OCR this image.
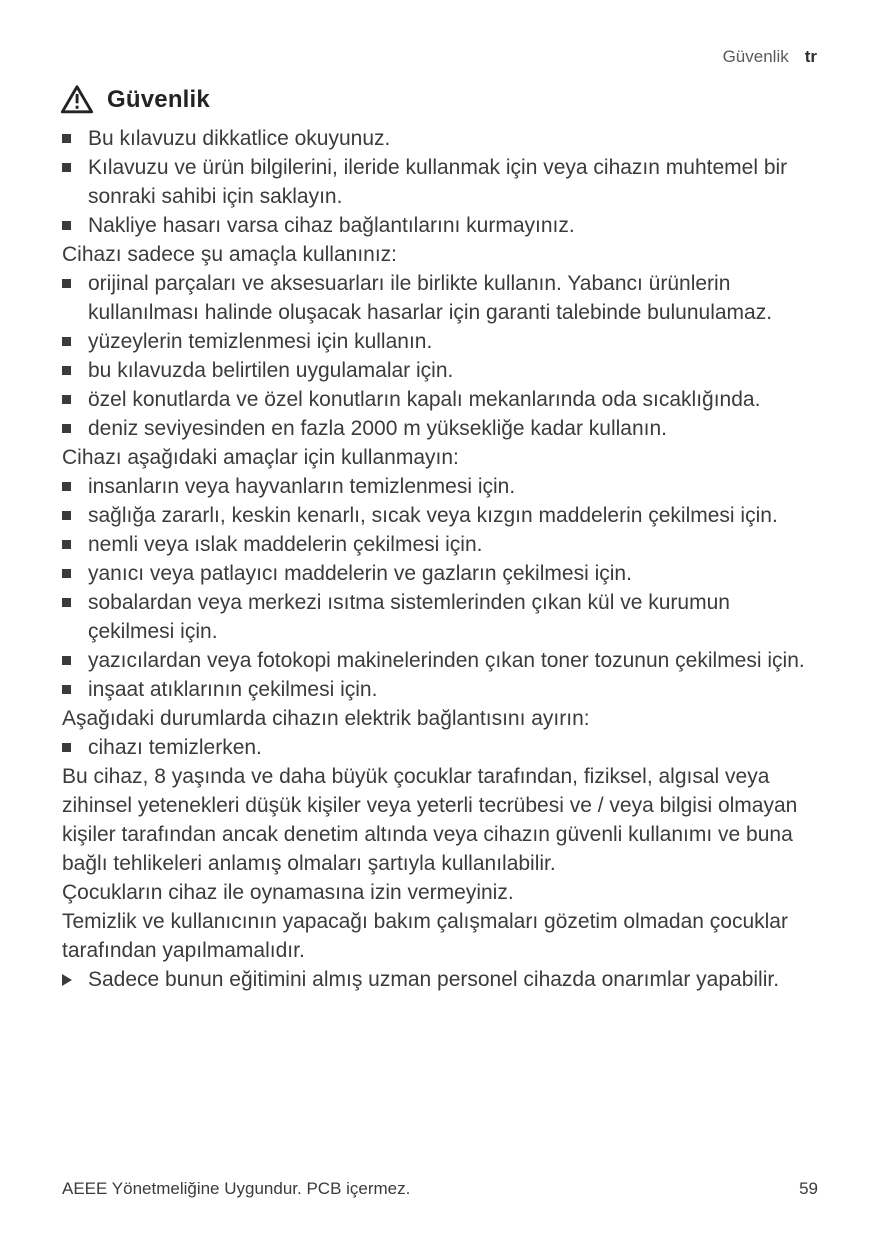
Güvenlik tr
Güvenlik
Bu kılavuzu dikkatlice okuyunuz.
Kılavuzu ve ürün bilgilerini, ileride kullanmak için veya cihazın muhtemel bir sonraki sahibi için saklayın.
Nakliye hasarı varsa cihaz bağlantılarını kurmayınız.
Cihazı sadece şu amaçla kullanınız:
orijinal parçaları ve aksesuarları ile birlikte kullanın. Yabancı ürünlerin kullanılması halinde oluşacak hasarlar için garanti talebinde bulunulamaz.
yüzeylerin temizlenmesi için kullanın.
bu kılavuzda belirtilen uygulamalar için.
özel konutlarda ve özel konutların kapalı mekanlarında oda sıcaklığında.
deniz seviyesinden en fazla 2000 m yüksekliğe kadar kullanın.
Cihazı aşağıdaki amaçlar için kullanmayın:
insanların veya hayvanların temizlenmesi için.
sağlığa zararlı, keskin kenarlı, sıcak veya kızgın maddelerin çekilmesi için.
nemli veya ıslak maddelerin çekilmesi için.
yanıcı veya patlayıcı maddelerin ve gazların çekilmesi için.
sobalardan veya merkezi ısıtma sistemlerinden çıkan kül ve kurumun çekilmesi için.
yazıcılardan veya fotokopi makinelerinden çıkan toner tozunun çekilmesi için.
inşaat atıklarının çekilmesi için.
Aşağıdaki durumlarda cihazın elektrik bağlantısını ayırın:
cihazı temizlerken.
Bu cihaz, 8 yaşında ve daha büyük çocuklar tarafından, fiziksel, algısal veya zihinsel yetenekleri düşük kişiler veya yeterli tecrübesi ve / veya bilgisi olmayan kişiler tarafından ancak denetim altında veya cihazın güvenli kullanımı ve buna bağlı tehlikeleri anlamış olmaları şartıyla kullanılabilir.
Çocukların cihaz ile oynamasına izin vermeyiniz.
Temizlik ve kullanıcının yapacağı bakım çalışmaları gözetim olmadan çocuklar tarafından yapılmamalıdır.
Sadece bunun eğitimini almış uzman personel cihazda onarımlar yapabilir.
AEEE Yönetmeliğine Uygundur. PCB içermez.	59
